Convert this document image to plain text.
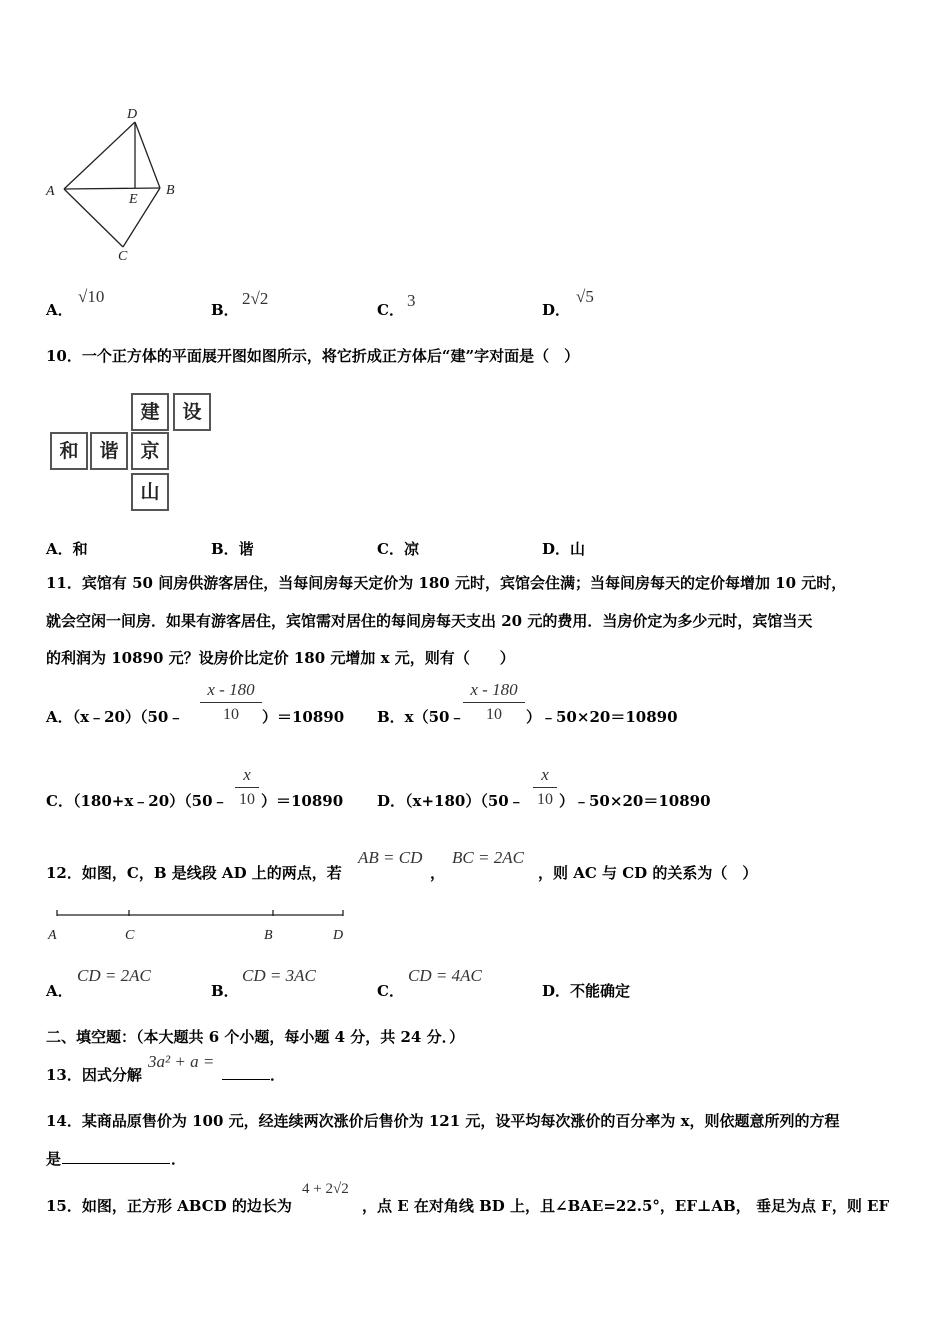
D
A
E
B
C
A．
√10
B．
2√2
C． 3	D．
√5
10．一个正方体的平面展开图如图所示，将它折成正方体后“建”字对面是（　）
建	设
和	谐	京
山
A．和	B．谐	C．凉	D．山
11．宾馆有 50 间房供游客居住，当每间房每天定价为 180 元时，宾馆会住满；当每间房每天的定价每增加 10 元时，
就会空闲一间房．如果有游客居住，宾馆需对居住的每间房每天支出 20 元的费用．当房价定为多少元时，宾馆当天
的利润为 10890 元？设房价比定价 180 元增加 x 元，则有（　　）
A．（x﹣20）（50﹣
x - 180
10	）＝10890 B．x（50﹣
x - 180
10	）﹣50×20＝10890
C．（180+x﹣20）（50﹣
x
10 ）＝10890 D．（x+180）（50﹣
x
10 ）﹣50×20＝10890
12．如图，C，B 是线段 AD 上的两点，若
AB = CD
，
BC = 2AC
，则 AC 与 CD 的关系为（　）
A	C	B	D
A．
CD = 2AC
B．
CD = 3AC
C．
CD = 4AC
D． 不能确定
二、填空题：（本大题共 6 个小题，每小题 4 分，共 24 分．）
13．因式分解
3a² + a =
．
14．某商品原售价为 100 元，经连续两次涨价后售价为 121 元，设平均每次涨价的百分率为 x，则依题意所列的方程
是	．
15．如图，正方形 ABCD 的边长为
4 + 2√2
，点 E 在对角线 BD 上，且∠BAE=22.5°，EF⊥AB， 垂足为点 F，则 EF
